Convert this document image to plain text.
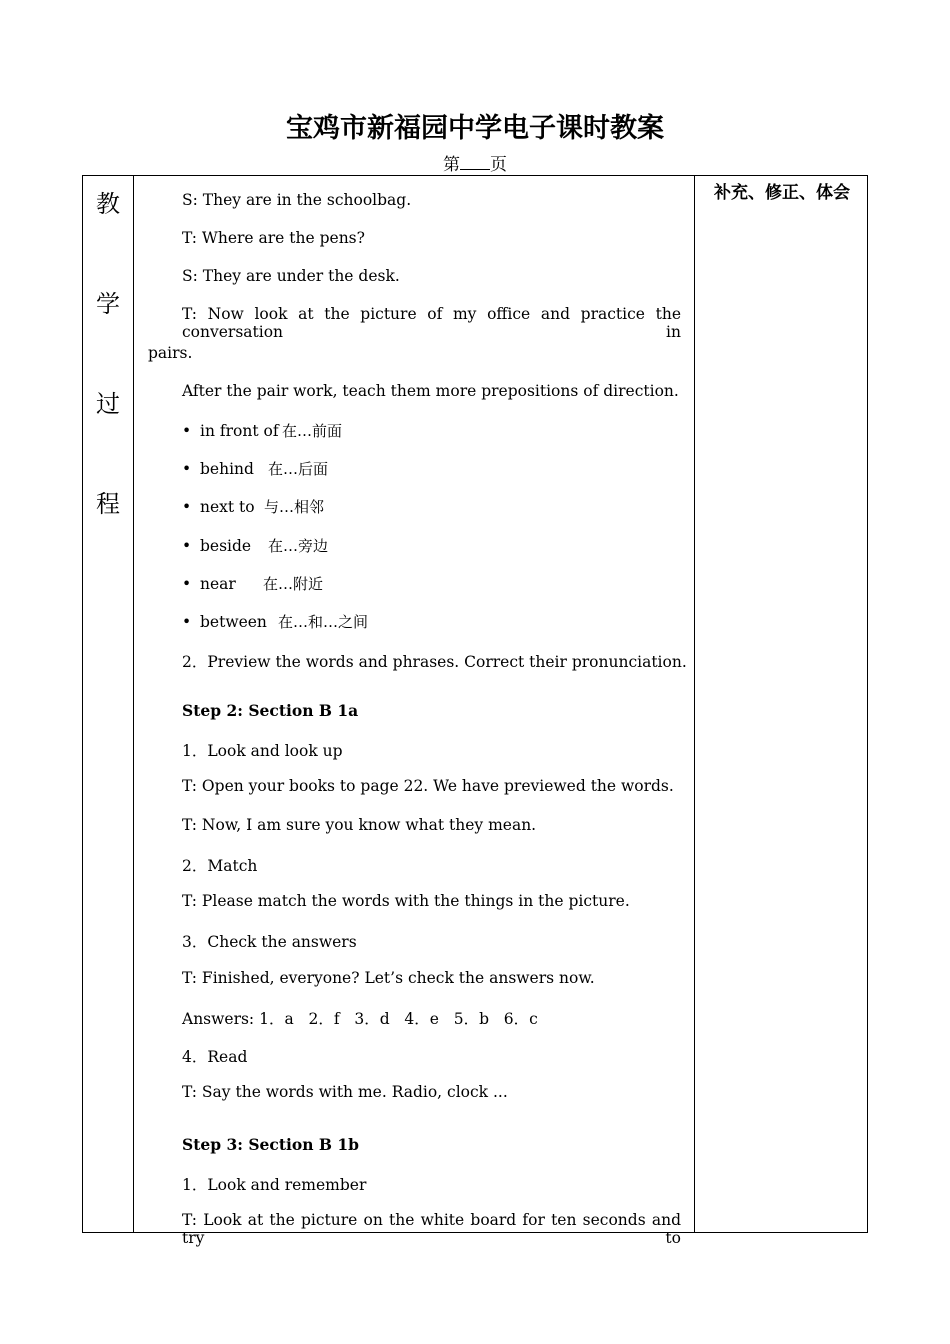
宝鸡市新福园中学电子课时教案
第 页
教
学
过
程
S: They are in the schoolbag.
T: Where are the pens?
S: They are under the desk.
T: Now look at the picture of my office and practice the conversation in
pairs.
After the pair work, teach them more prepositions of direction.
• in front of 在…前面
• behind 在…后面
• next to 与…相邻
• beside 在…旁边
• near 在…附近
• between 在…和…之间
2．Preview the words and phrases. Correct their pronunciation.
Step 2: Section B 1a
1．Look and look up
T: Open your books to page 22. We have previewed the words.
T: Now, I am sure you know what they mean.
2．Match
T: Please match the words with the things in the picture.
3．Check the answers
T: Finished, everyone? Let’s check the answers now.
Answers: 1．a   2．f   3．d   4．e   5．b   6．c
4．Read
T: Say the words with me. Radio, clock ...
Step 3: Section B 1b
1．Look and remember
T: Look at the picture on the white board for ten seconds and try to
补充、修正、体会
